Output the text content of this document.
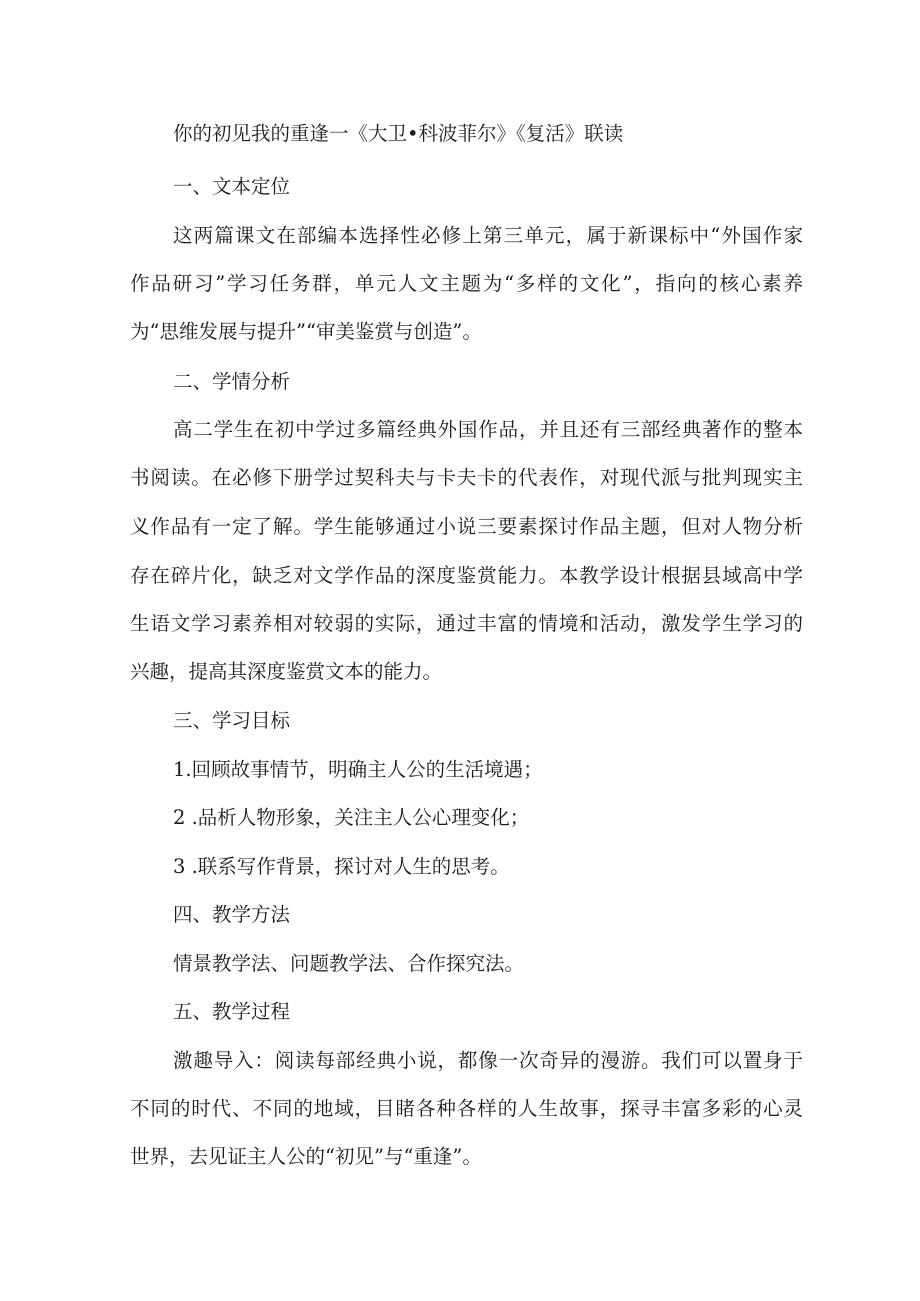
你的初见我的重逢一《大卫•科波菲尔》《复活》联读
一、文本定位
这两篇课文在部编本选择性必修上第三单元，属于新课标中“外国作家
作品研习”学习任务群，单元人文主题为“多样的文化”，指向的核心素养
为“思维发展与提升”“审美鉴赏与创造”。
二、学情分析
高二学生在初中学过多篇经典外国作品，并且还有三部经典著作的整本
书阅读。在必修下册学过契科夫与卡夫卡的代表作，对现代派与批判现实主
义作品有一定了解。学生能够通过小说三要素探讨作品主题，但对人物分析
存在碎片化，缺乏对文学作品的深度鉴赏能力。本教学设计根据县域高中学
生语文学习素养相对较弱的实际，通过丰富的情境和活动，激发学生学习的
兴趣，提高其深度鉴赏文本的能力。
三、学习目标
1.回顾故事情节，明确主人公的生活境遇；
2 .品析人物形象，关注主人公心理变化；
3 .联系写作背景，探讨对人生的思考。
四、教学方法
情景教学法、问题教学法、合作探究法。
五、教学过程
激趣导入：阅读每部经典小说，都像一次奇异的漫游。我们可以置身于
不同的时代、不同的地域，目睹各种各样的人生故事，探寻丰富多彩的心灵
世界，去见证主人公的“初见”与“重逢”。
